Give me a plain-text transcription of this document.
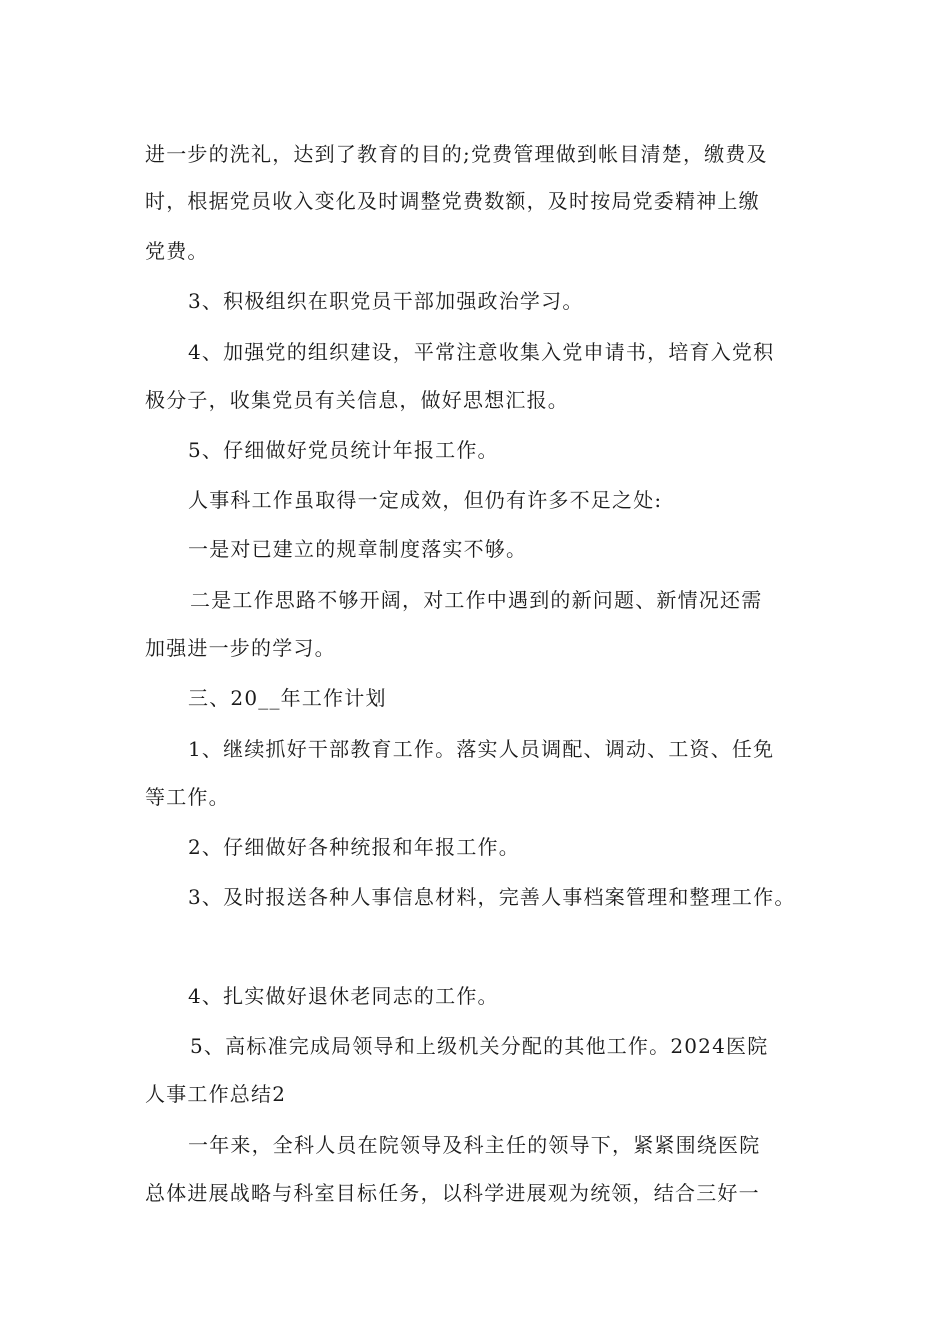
进一步的洗礼，达到了教育的目的;党费管理做到帐目清楚，缴费及
时，根据党员收入变化及时调整党费数额，及时按局党委精神上缴
党费。
3、积极组织在职党员干部加强政治学习。
4、加强党的组织建设，平常注意收集入党申请书，培育入党积
极分子，收集党员有关信息，做好思想汇报。
5、仔细做好党员统计年报工作。
人事科工作虽取得一定成效，但仍有许多不足之处:
一是对已建立的规章制度落实不够。
二是工作思路不够开阔，对工作中遇到的新问题、新情况还需
加强进一步的学习。
三、20__年工作计划
1、继续抓好干部教育工作。落实人员调配、调动、工资、任免
等工作。
2、仔细做好各种统报和年报工作。
3、及时报送各种人事信息材料，完善人事档案管理和整理工作。
4、扎实做好退休老同志的工作。
5、高标准完成局领导和上级机关分配的其他工作。2024医院
人事工作总结2
一年来，全科人员在院领导及科主任的领导下，紧紧围绕医院
总体进展战略与科室目标任务，以科学进展观为统领，结合三好一
